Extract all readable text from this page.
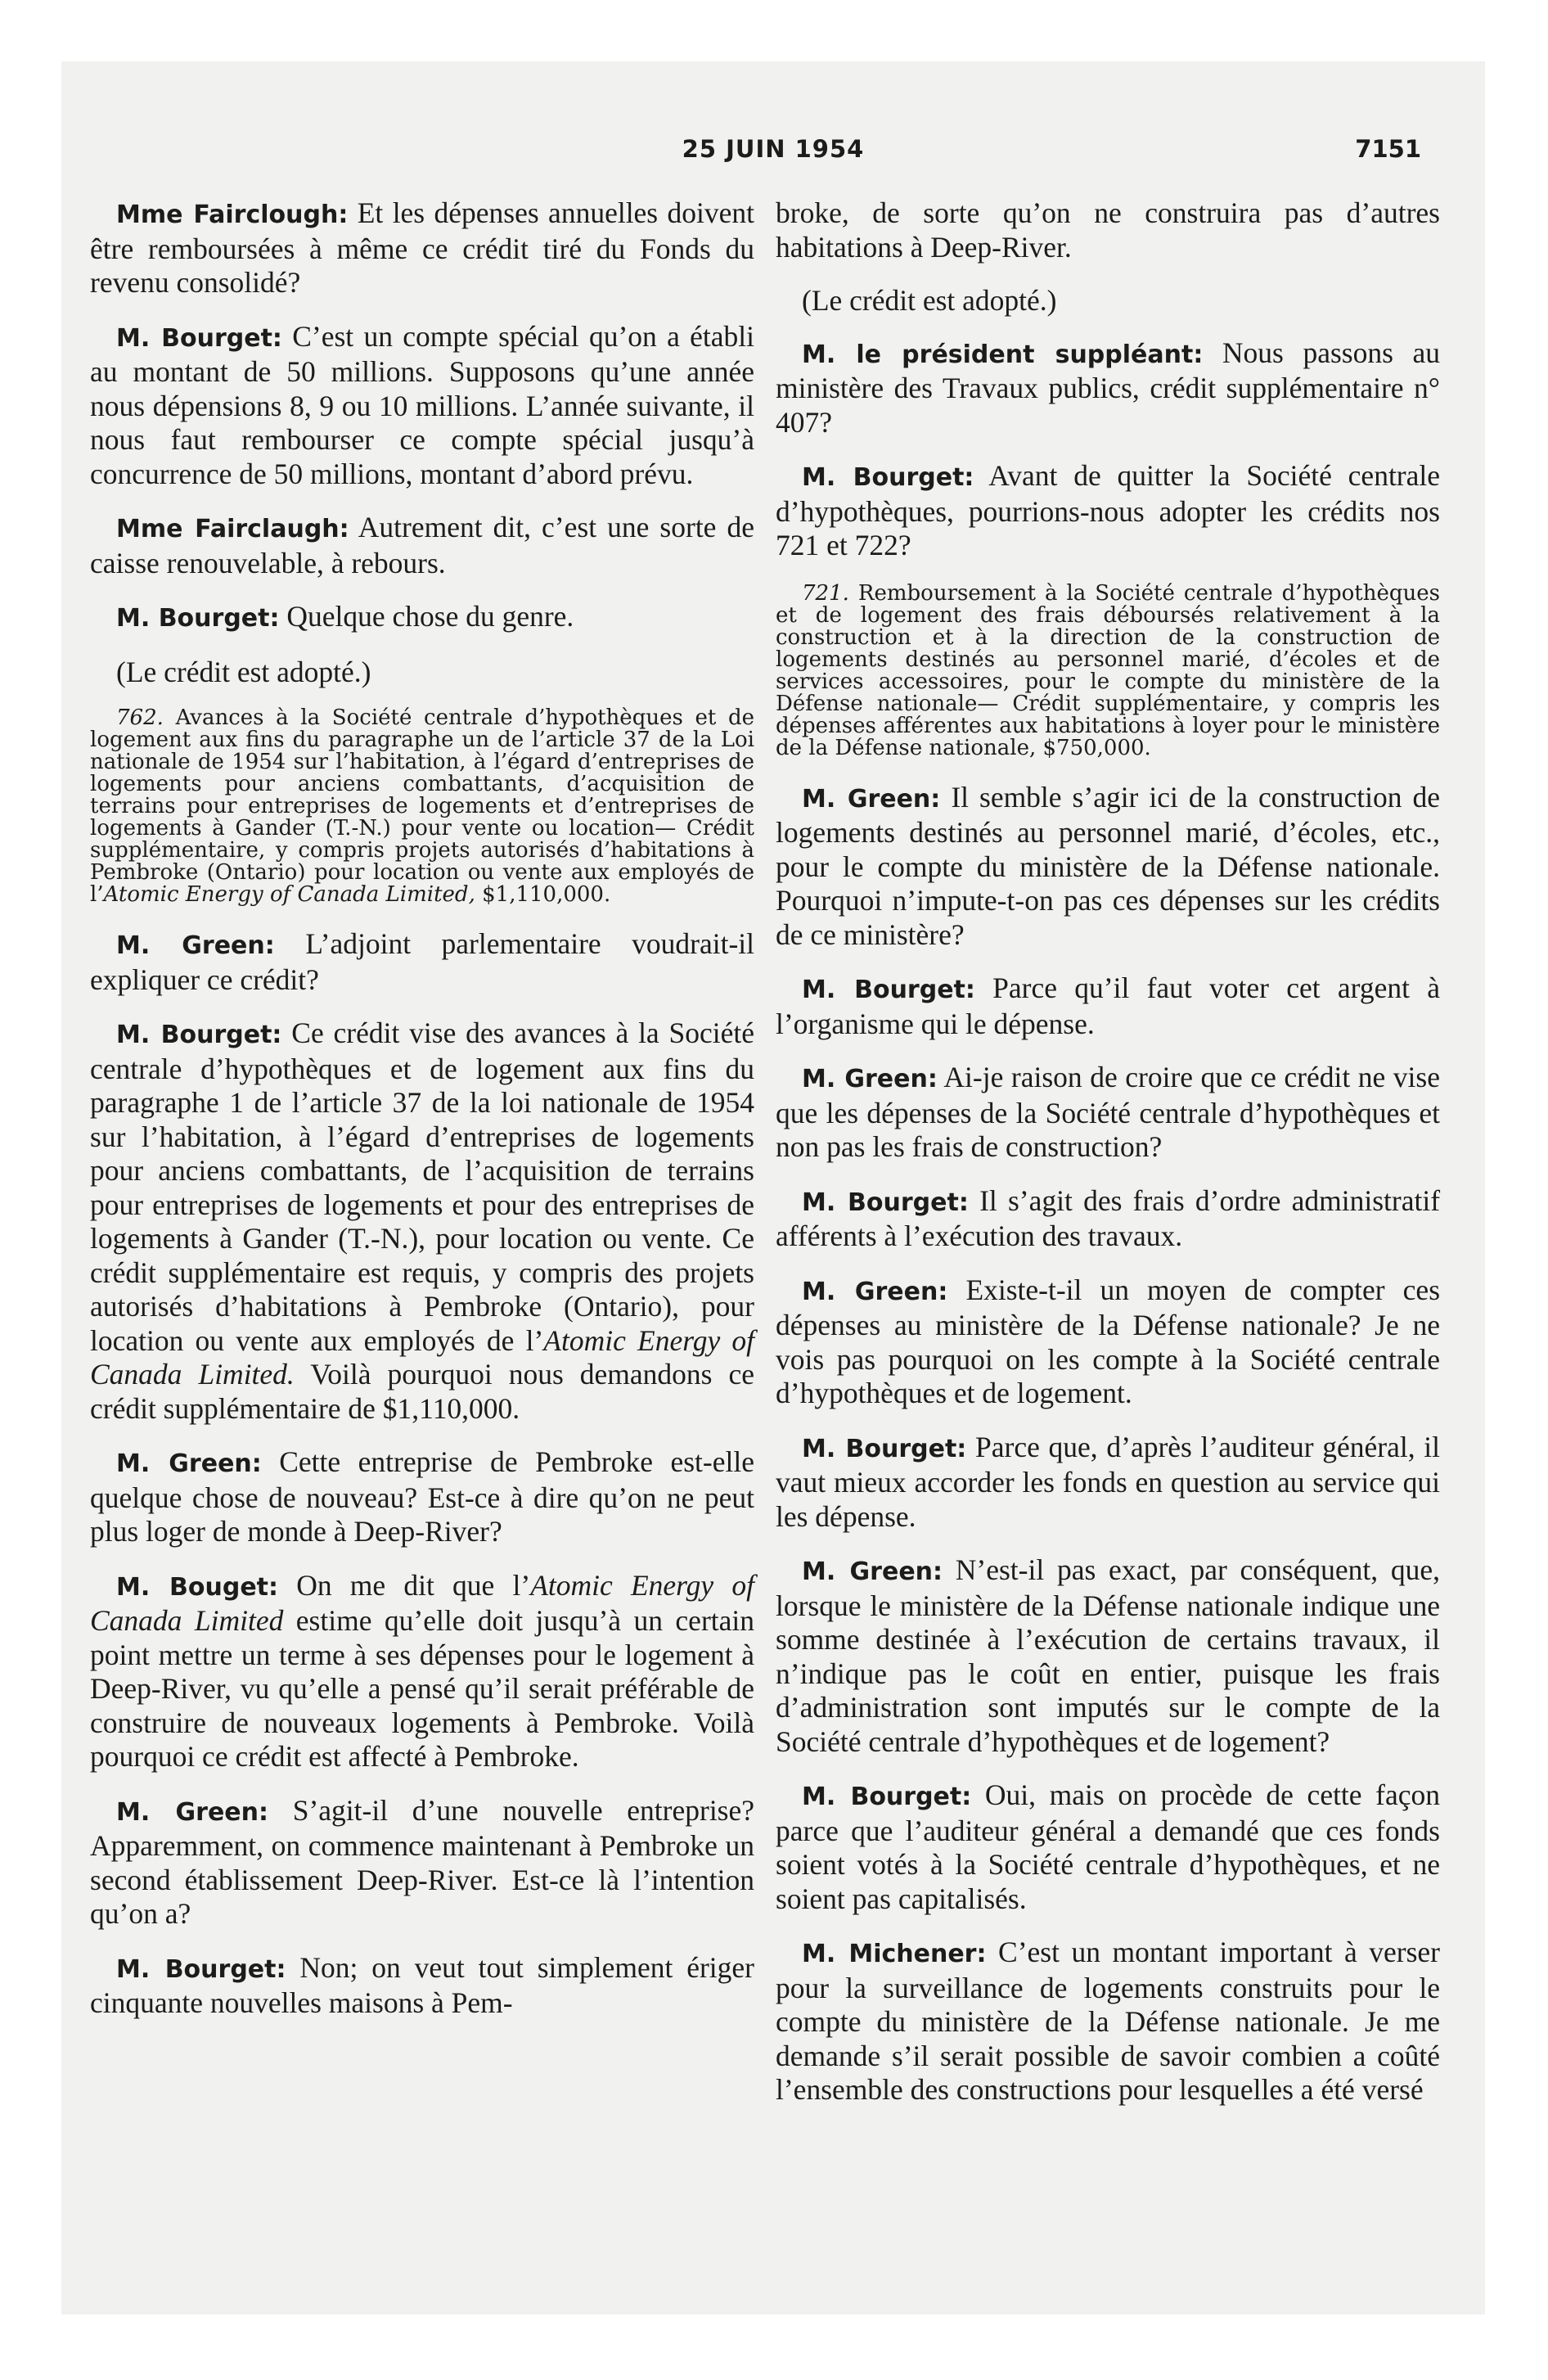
25 JUIN 1954	7151

Mme Fairclough: Et les dépenses annuelles doivent être remboursées à même ce crédit tiré du Fonds du revenu consolidé?

M. Bourget: C’est un compte spécial qu’on a établi au montant de 50 millions. Supposons qu’une année nous dépensions 8, 9 ou 10 millions. L’année suivante, il nous faut rembourser ce compte spécial jusqu’à concurrence de 50 millions, montant d’abord prévu.

Mme Fairclaugh: Autrement dit, c’est une sorte de caisse renouvelable, à rebours.

M. Bourget: Quelque chose du genre.

(Le crédit est adopté.)

762. Avances à la Société centrale d’hypothèques et de logement aux fins du paragraphe un de l’article 37 de la Loi nationale de 1954 sur l’habitation, à l’égard d’entreprises de logements pour anciens combattants, d’acquisition de terrains pour entreprises de logements et d’entreprises de logements à Gander (T.-N.) pour vente ou location— Crédit supplémentaire, y compris projets autorisés d’habitations à Pembroke (Ontario) pour location ou vente aux employés de l’Atomic Energy of Canada Limited, $1,110,000.

M. Green: L’adjoint parlementaire voudrait-il expliquer ce crédit?

M. Bourget: Ce crédit vise des avances à la Société centrale d’hypothèques et de logement aux fins du paragraphe 1 de l’article 37 de la loi nationale de 1954 sur l’habitation, à l’égard d’entreprises de logements pour anciens combattants, de l’acquisition de terrains pour entreprises de logements et pour des entreprises de logements à Gander (T.-N.), pour location ou vente. Ce crédit supplémentaire est requis, y compris des projets autorisés d’habitations à Pembroke (Ontario), pour location ou vente aux employés de l’Atomic Energy of Canada Limited. Voilà pourquoi nous demandons ce crédit supplémentaire de $1,110,000.

M. Green: Cette entreprise de Pembroke est-elle quelque chose de nouveau? Est-ce à dire qu’on ne peut plus loger de monde à Deep-River?

M. Bouget: On me dit que l’Atomic Energy of Canada Limited estime qu’elle doit jusqu’à un certain point mettre un terme à ses dépenses pour le logement à Deep-River, vu qu’elle a pensé qu’il serait préférable de construire de nouveaux logements à Pembroke. Voilà pourquoi ce crédit est affecté à Pembroke.

M. Green: S’agit-il d’une nouvelle entreprise? Apparemment, on commence maintenant à Pembroke un second établissement Deep-River. Est-ce là l’intention qu’on a?

M. Bourget: Non; on veut tout simplement ériger cinquante nouvelles maisons à Pem-

broke, de sorte qu’on ne construira pas d’autres habitations à Deep-River.

(Le crédit est adopté.)

M. le président suppléant: Nous passons au ministère des Travaux publics, crédit supplémentaire n° 407?

M. Bourget: Avant de quitter la Société centrale d’hypothèques, pourrions-nous adopter les crédits nos 721 et 722?

721. Remboursement à la Société centrale d’hypothèques et de logement des frais déboursés relativement à la construction et à la direction de la construction de logements destinés au personnel marié, d’écoles et de services accessoires, pour le compte du ministère de la Défense nationale— Crédit supplémentaire, y compris les dépenses afférentes aux habitations à loyer pour le ministère de la Défense nationale, $750,000.

M. Green: Il semble s’agir ici de la construction de logements destinés au personnel marié, d’écoles, etc., pour le compte du ministère de la Défense nationale. Pourquoi n’impute-t-on pas ces dépenses sur les crédits de ce ministère?

M. Bourget: Parce qu’il faut voter cet argent à l’organisme qui le dépense.

M. Green: Ai-je raison de croire que ce crédit ne vise que les dépenses de la Société centrale d’hypothèques et non pas les frais de construction?

M. Bourget: Il s’agit des frais d’ordre administratif afférents à l’exécution des travaux.

M. Green: Existe-t-il un moyen de compter ces dépenses au ministère de la Défense nationale? Je ne vois pas pourquoi on les compte à la Société centrale d’hypothèques et de logement.

M. Bourget: Parce que, d’après l’auditeur général, il vaut mieux accorder les fonds en question au service qui les dépense.

M. Green: N’est-il pas exact, par conséquent, que, lorsque le ministère de la Défense nationale indique une somme destinée à l’exécution de certains travaux, il n’indique pas le coût en entier, puisque les frais d’administration sont imputés sur le compte de la Société centrale d’hypothèques et de logement?

M. Bourget: Oui, mais on procède de cette façon parce que l’auditeur général a demandé que ces fonds soient votés à la Société centrale d’hypothèques, et ne soient pas capitalisés.

M. Michener: C’est un montant important à verser pour la surveillance de logements construits pour le compte du ministère de la Défense nationale. Je me demande s’il serait possible de savoir combien a coûté l’ensemble des constructions pour lesquelles a été versé
